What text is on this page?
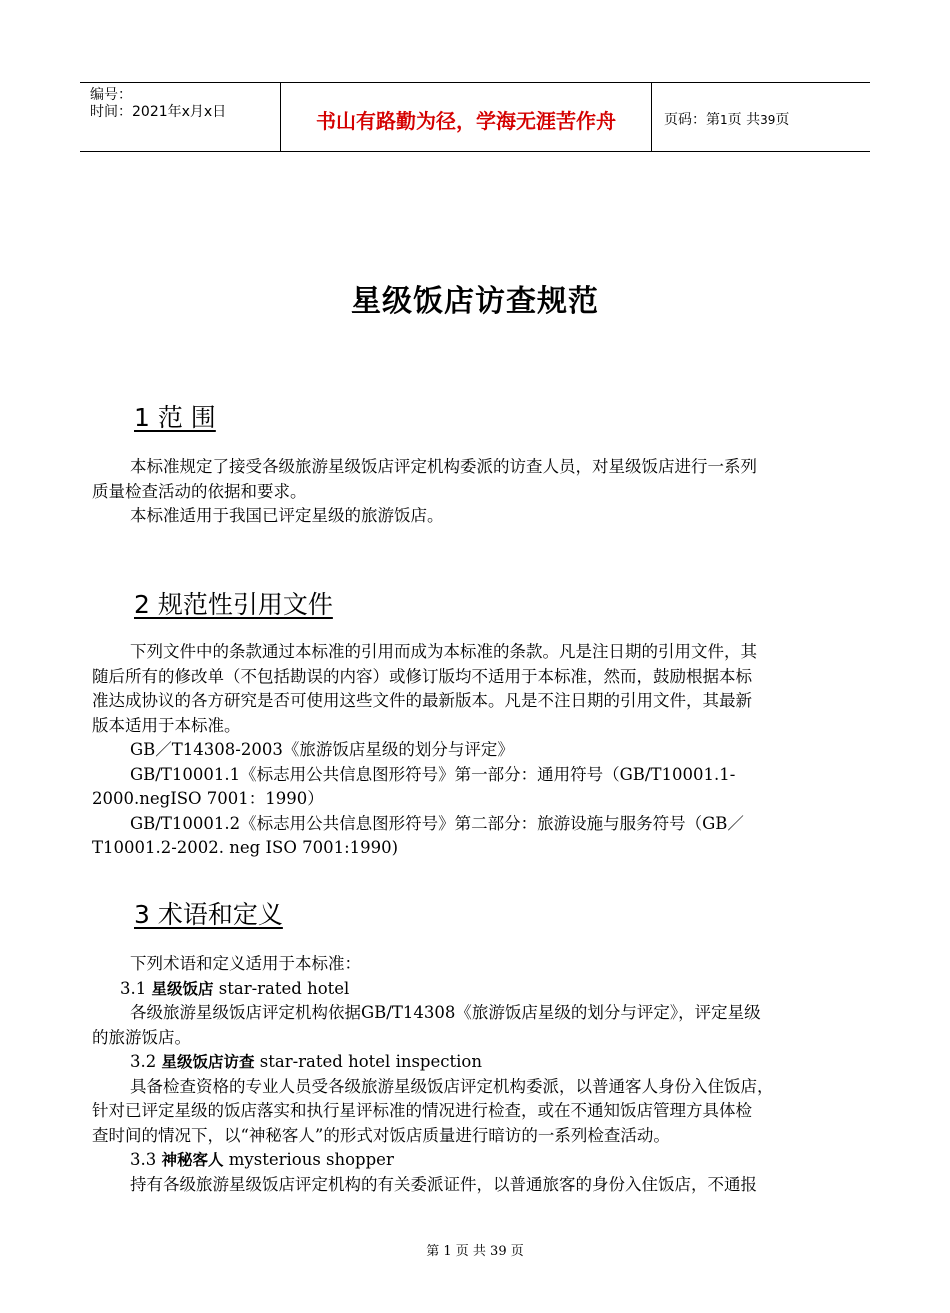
编号：
时间：2021年x月x日	书山有路勤为径，学海无涯苦作舟	页码：第1页 共39页
星级饭店访查规范
1 范 围
本标准规定了接受各级旅游星级饭店评定机构委派的访查人员，对星级饭店进行一系列
质量检查活动的依据和要求。
本标准适用于我国已评定星级的旅游饭店。
2 规范性引用文件
下列文件中的条款通过本标准的引用而成为本标准的条款。凡是注日期的引用文件，其
随后所有的修改单（不包括勘误的内容）或修订版均不适用于本标准，然而，鼓励根据本标
准达成协议的各方研究是否可使用这些文件的最新版本。凡是不注日期的引用文件，其最新
版本适用于本标准。
GB／T14308-2003《旅游饭店星级的划分与评定》
GB/T10001.1《标志用公共信息图形符号》第一部分：通用符号（GB/T10001.1-
2000.negISO 7001：1990）
GB/T10001.2《标志用公共信息图形符号》第二部分：旅游设施与服务符号（GB／
T10001.2-2002. neg ISO 7001:1990)
3 术语和定义
下列术语和定义适用于本标准：
3.1 星级饭店 star-rated hotel
各级旅游星级饭店评定机构依据GB/T14308《旅游饭店星级的划分与评定》，评定星级
的旅游饭店。
3.2 星级饭店访查 star-rated hotel inspection
具备检查资格的专业人员受各级旅游星级饭店评定机构委派，以普通客人身份入住饭店，
针对已评定星级的饭店落实和执行星评标准的情况进行检查，或在不通知饭店管理方具体检
查时间的情况下，以“神秘客人”的形式对饭店质量进行暗访的一系列检查活动。
3.3 神秘客人 mysterious shopper
持有各级旅游星级饭店评定机构的有关委派证件，以普通旅客的身份入住饭店，不通报
第 1 页 共 39 页
